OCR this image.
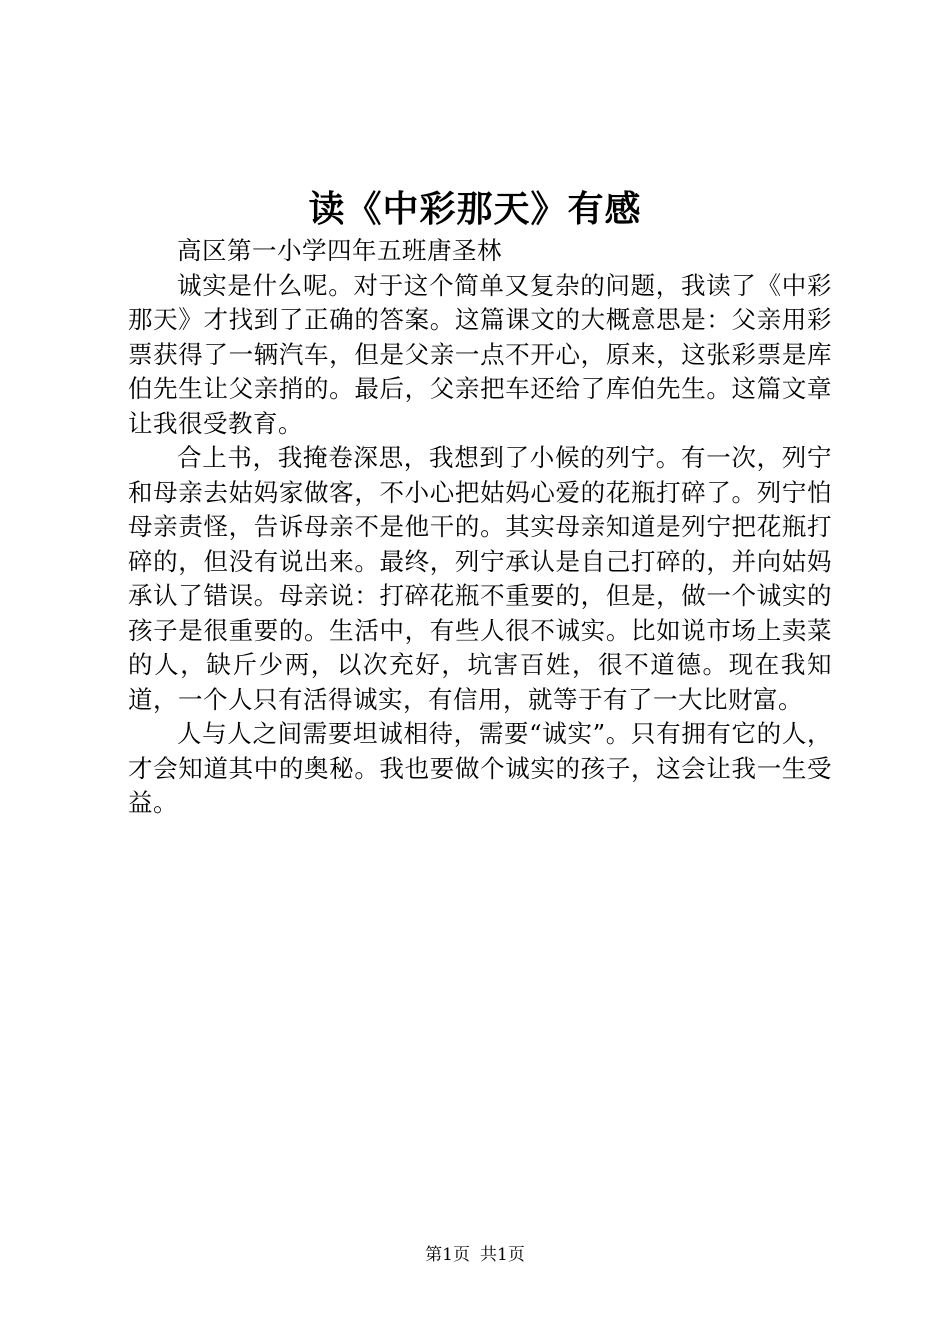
读《中彩那天》有感

高区第一小学四年五班唐圣林

诚实是什么呢。对于这个简单又复杂的问题，我读了《中彩那天》才找到了正确的答案。这篇课文的大概意思是：父亲用彩票获得了一辆汽车，但是父亲一点不开心，原来，这张彩票是库伯先生让父亲捎的。最后，父亲把车还给了库伯先生。这篇文章让我很受教育。

合上书，我掩卷深思，我想到了小候的列宁。有一次，列宁和母亲去姑妈家做客，不小心把姑妈心爱的花瓶打碎了。列宁怕母亲责怪，告诉母亲不是他干的。其实母亲知道是列宁把花瓶打碎的，但没有说出来。最终，列宁承认是自己打碎的，并向姑妈承认了错误。母亲说：打碎花瓶不重要的，但是，做一个诚实的孩子是很重要的。生活中，有些人很不诚实。比如说市场上卖菜的人，缺斤少两，以次充好，坑害百姓，很不道德。现在我知道，一个人只有活得诚实，有信用，就等于有了一大比财富。

人与人之间需要坦诚相待，需要“诚实”。只有拥有它的人，才会知道其中的奥秘。我也要做个诚实的孩子，这会让我一生受益。

第1页 共1页
